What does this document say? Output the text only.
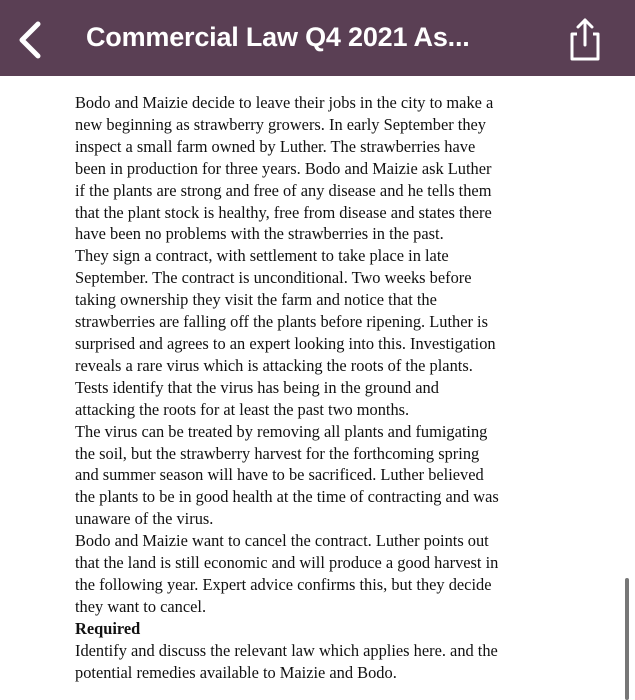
Commercial Law Q4 2021 As...
Bodo and Maizie decide to leave their jobs in the city to make a
new beginning as strawberry growers. In early September they
inspect a small farm owned by Luther. The strawberries have
been in production for three years. Bodo and Maizie ask Luther
if the plants are strong and free of any disease and he tells them
that the plant stock is healthy, free from disease and states there
have been no problems with the strawberries in the past.
They sign a contract, with settlement to take place in late
September. The contract is unconditional. Two weeks before
taking ownership they visit the farm and notice that the
strawberries are falling off the plants before ripening. Luther is
surprised and agrees to an expert looking into this. Investigation
reveals a rare virus which is attacking the roots of the plants.
Tests identify that the virus has being in the ground and
attacking the roots for at least the past two months.
The virus can be treated by removing all plants and fumigating
the soil, but the strawberry harvest for the forthcoming spring
and summer season will have to be sacrificed. Luther believed
the plants to be in good health at the time of contracting and was
unaware of the virus.
Bodo and Maizie want to cancel the contract. Luther points out
that the land is still economic and will produce a good harvest in
the following year. Expert advice confirms this, but they decide
they want to cancel.
Required
Identify and discuss the relevant law which applies here. and the
potential remedies available to Maizie and Bodo.
